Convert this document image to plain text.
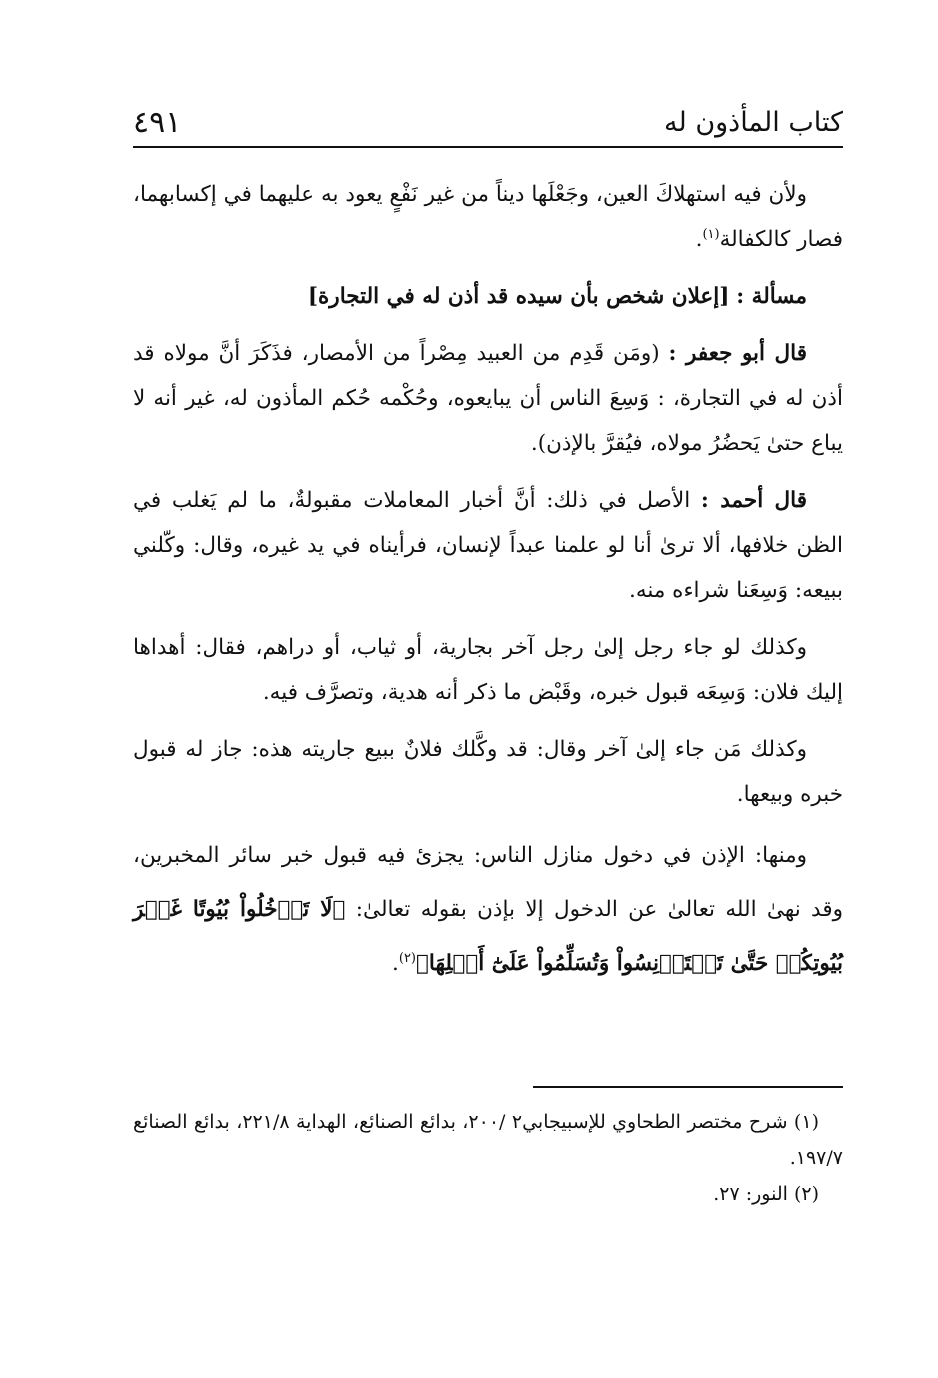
كتاب المأذون له
٤٩١

ولأن فيه استهلاكَ العين، وجَعْلَها ديناً من غير نَفْعٍ يعود به عليهما في إكسابهما، فصار كالكفالة$^{(١)}$.

مسألة : [إعلان شخص بأن سيده قد أذن له في التجارة]

قال أبو جعفر : (ومَن قَدِم من العبيد مِصْراً من الأمصار، فذَكَرَ أنَّ مولاه قد أذن له في التجارة، : وَسِعَ الناس أن يبايعوه، وحُكْمه حُكم المأذون له، غير أنه لا يباع حتىٰ يَحضُرُ مولاه، فيُقرَّ بالإذن).

قال أحمد : الأصل في ذلك: أنَّ أخبار المعاملات مقبولةٌ، ما لم يَغلب في الظن خلافها، ألا ترىٰ أنا لو علمنا عبداً لإنسان، فرأيناه في يد غيره، وقال: وكّلني ببيعه: وَسِعَنا شراءه منه.

وكذلك لو جاء رجل إلىٰ رجل آخر بجارية، أو ثياب، أو دراهم، فقال: أهداها إليك فلان: وَسِعَه قبول خبره، وقَبْض ما ذكر أنه هدية، وتصرَّف فيه.

وكذلك مَن جاء إلىٰ آخر وقال: قد وكَّلك فلانٌ ببيع جاريته هذه: جاز له قبول خبره وبيعها.

ومنها: الإذن في دخول منازل الناس: يجزئ فيه قبول خبر سائر المخبرين، وقد نهىٰ الله تعالىٰ عن الدخول إلا بإذن بقوله تعالىٰ: ﴿لَا تَدۡخُلُواْ بُيُوتًا غَيۡرَ بُيُوتِكُمۡ حَتَّىٰ تَسۡتَأۡنِسُواْ وَتُسَلِّمُواْ عَلَىٰٓ أَهۡلِهَا﴾$^{(٢)}$.

(١) شرح مختصر الطحاوي للإسبيجابي٢ /٢٠٠، بدائع الصنائع، الهداية ٢٢١/٨، بدائع الصنائع ١٩٧/٧.

(٢) النور: ٢٧.
